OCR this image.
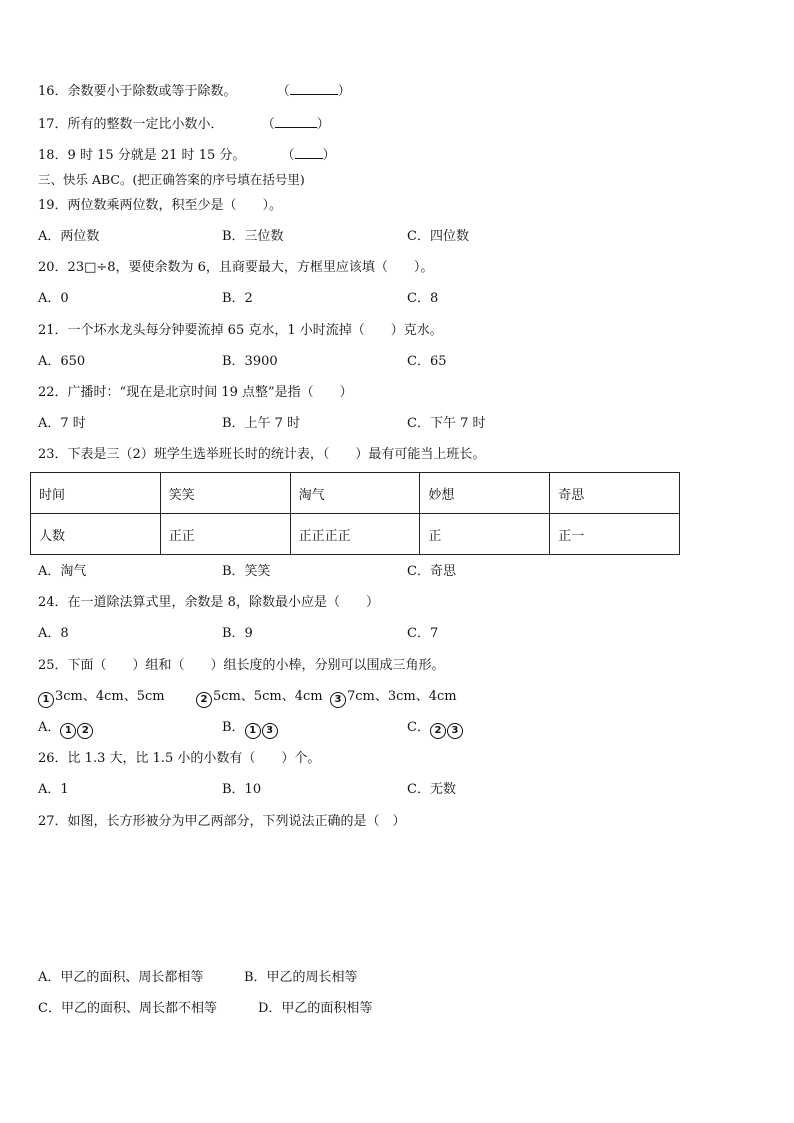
16．余数要小于除数或等于除数。	（	）
17．所有的整数一定比小数小．	（	）
18．9 时 15 分就是 21 时 15 分。	（ ）
三、快乐 ABC。(把正确答案的序号填在括号里)
19．两位数乘两位数，积至少是（　　）。
A．两位数	B．三位数	C．四位数
20．23□÷8，要使余数为 6，且商要最大，方框里应该填（　　）。
A．0	B．2	C．8
21．一个坏水龙头每分钟要流掉 65 克水，1 小时流掉（　　）克水。
A．650	B．3900	C．65
22．广播时：“现在是北京时间 19 点整”是指（　　）
A．7 时	B．上午 7 时	C．下午 7 时
23．下表是三（2）班学生选举班长时的统计表，（　　）最有可能当上班长。
时间	笑笑	淘气	妙想	奇思
人数	正正	正正正正	正	正一
A．淘气	B．笑笑	C．奇思
24．在一道除法算式里，余数是 8，除数最小应是（　　）
A．8	B．9	C．7
25．下面（　　）组和（　　）组长度的小棒，分别可以围成三角形。
1 3cm、4cm、5cm	2 5cm、5cm、4cm	3 7cm、3cm、4cm
A． 1 2	B． 1 3	C． 2 3
26．比 1.3 大，比 1.5 小的小数有（　　）个。
A．1	B．10	C．无数
27．如图，长方形被分为甲乙两部分，下列说法正确的是（　）
A．甲乙的面积、周长都相等	B．甲乙的周长相等
C．甲乙的面积、周长都不相等	D．甲乙的面积相等
